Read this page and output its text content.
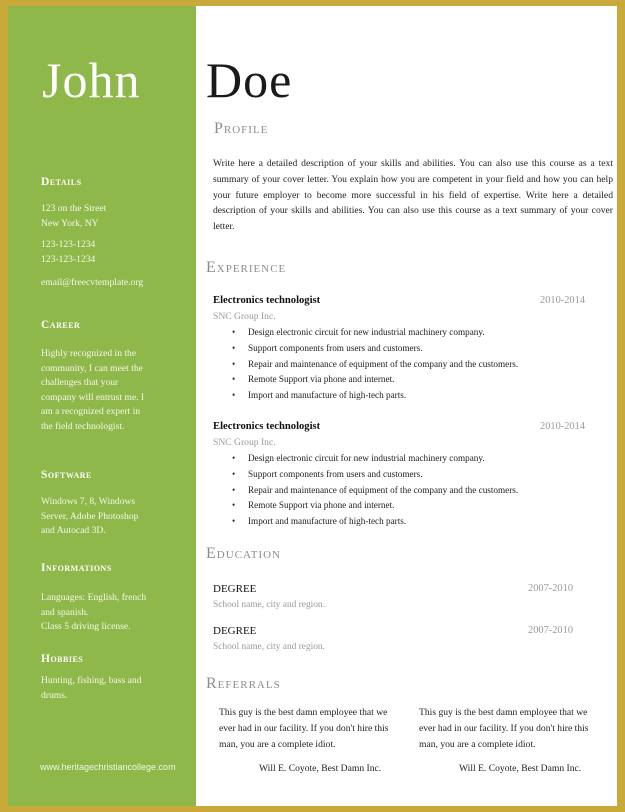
Details
123 on the Street
New York, NY
123-123-1234
123-123-1234
email@freecvtemplate.org
Career
Highly recognized in the
community, I can meet the
challenges that your
company will entrust me. I
am a recognized expert in
the field technologist.
Software
Windows 7, 8, Windows
Server, Adobe Photoshop
and Autocad 3D.
Informations
Languages: English, french
and spanish.
Class 5 driving license.
Hobbies
Hunting, fishing, bass and
drums.
www.heritagechristiancollege.com
John Doe
Profile
Write here a detailed description of your skills and abilities. You can also use this course as a text summary of your cover letter. You explain how you are competent in your field and how you can help your future employer to become more successful in his field of expertise. Write here a detailed description of your skills and abilities. You can also use this course as a text summary of your cover letter.
Experience
Electronics technologist	2010-2014
SNC Group Inc.
• Design electronic circuit for new industrial machinery company.
• Support components from users and customers.
• Repair and maintenance of equipment of the company and the customers.
• Remote Support via phone and internet.
• Import and manufacture of high-tech parts.
Electronics technologist	2010-2014
SNC Group Inc.
• Design electronic circuit for new industrial machinery company.
• Support components from users and customers.
• Repair and maintenance of equipment of the company and the customers.
• Remote Support via phone and internet.
• Import and manufacture of high-tech parts.
Education
DEGREE	2007-2010
School name, city and region.
DEGREE	2007-2010
School name, city and region.
Referrals
This guy is the best damn employee that we ever had in our facility. If you don't hire this man, you are a complete idiot.
This guy is the best damn employee that we ever had in our facility. If you don't hire this man, you are a complete idiot.
Will E. Coyote, Best Damn Inc.	Will E. Coyote, Best Damn Inc.
